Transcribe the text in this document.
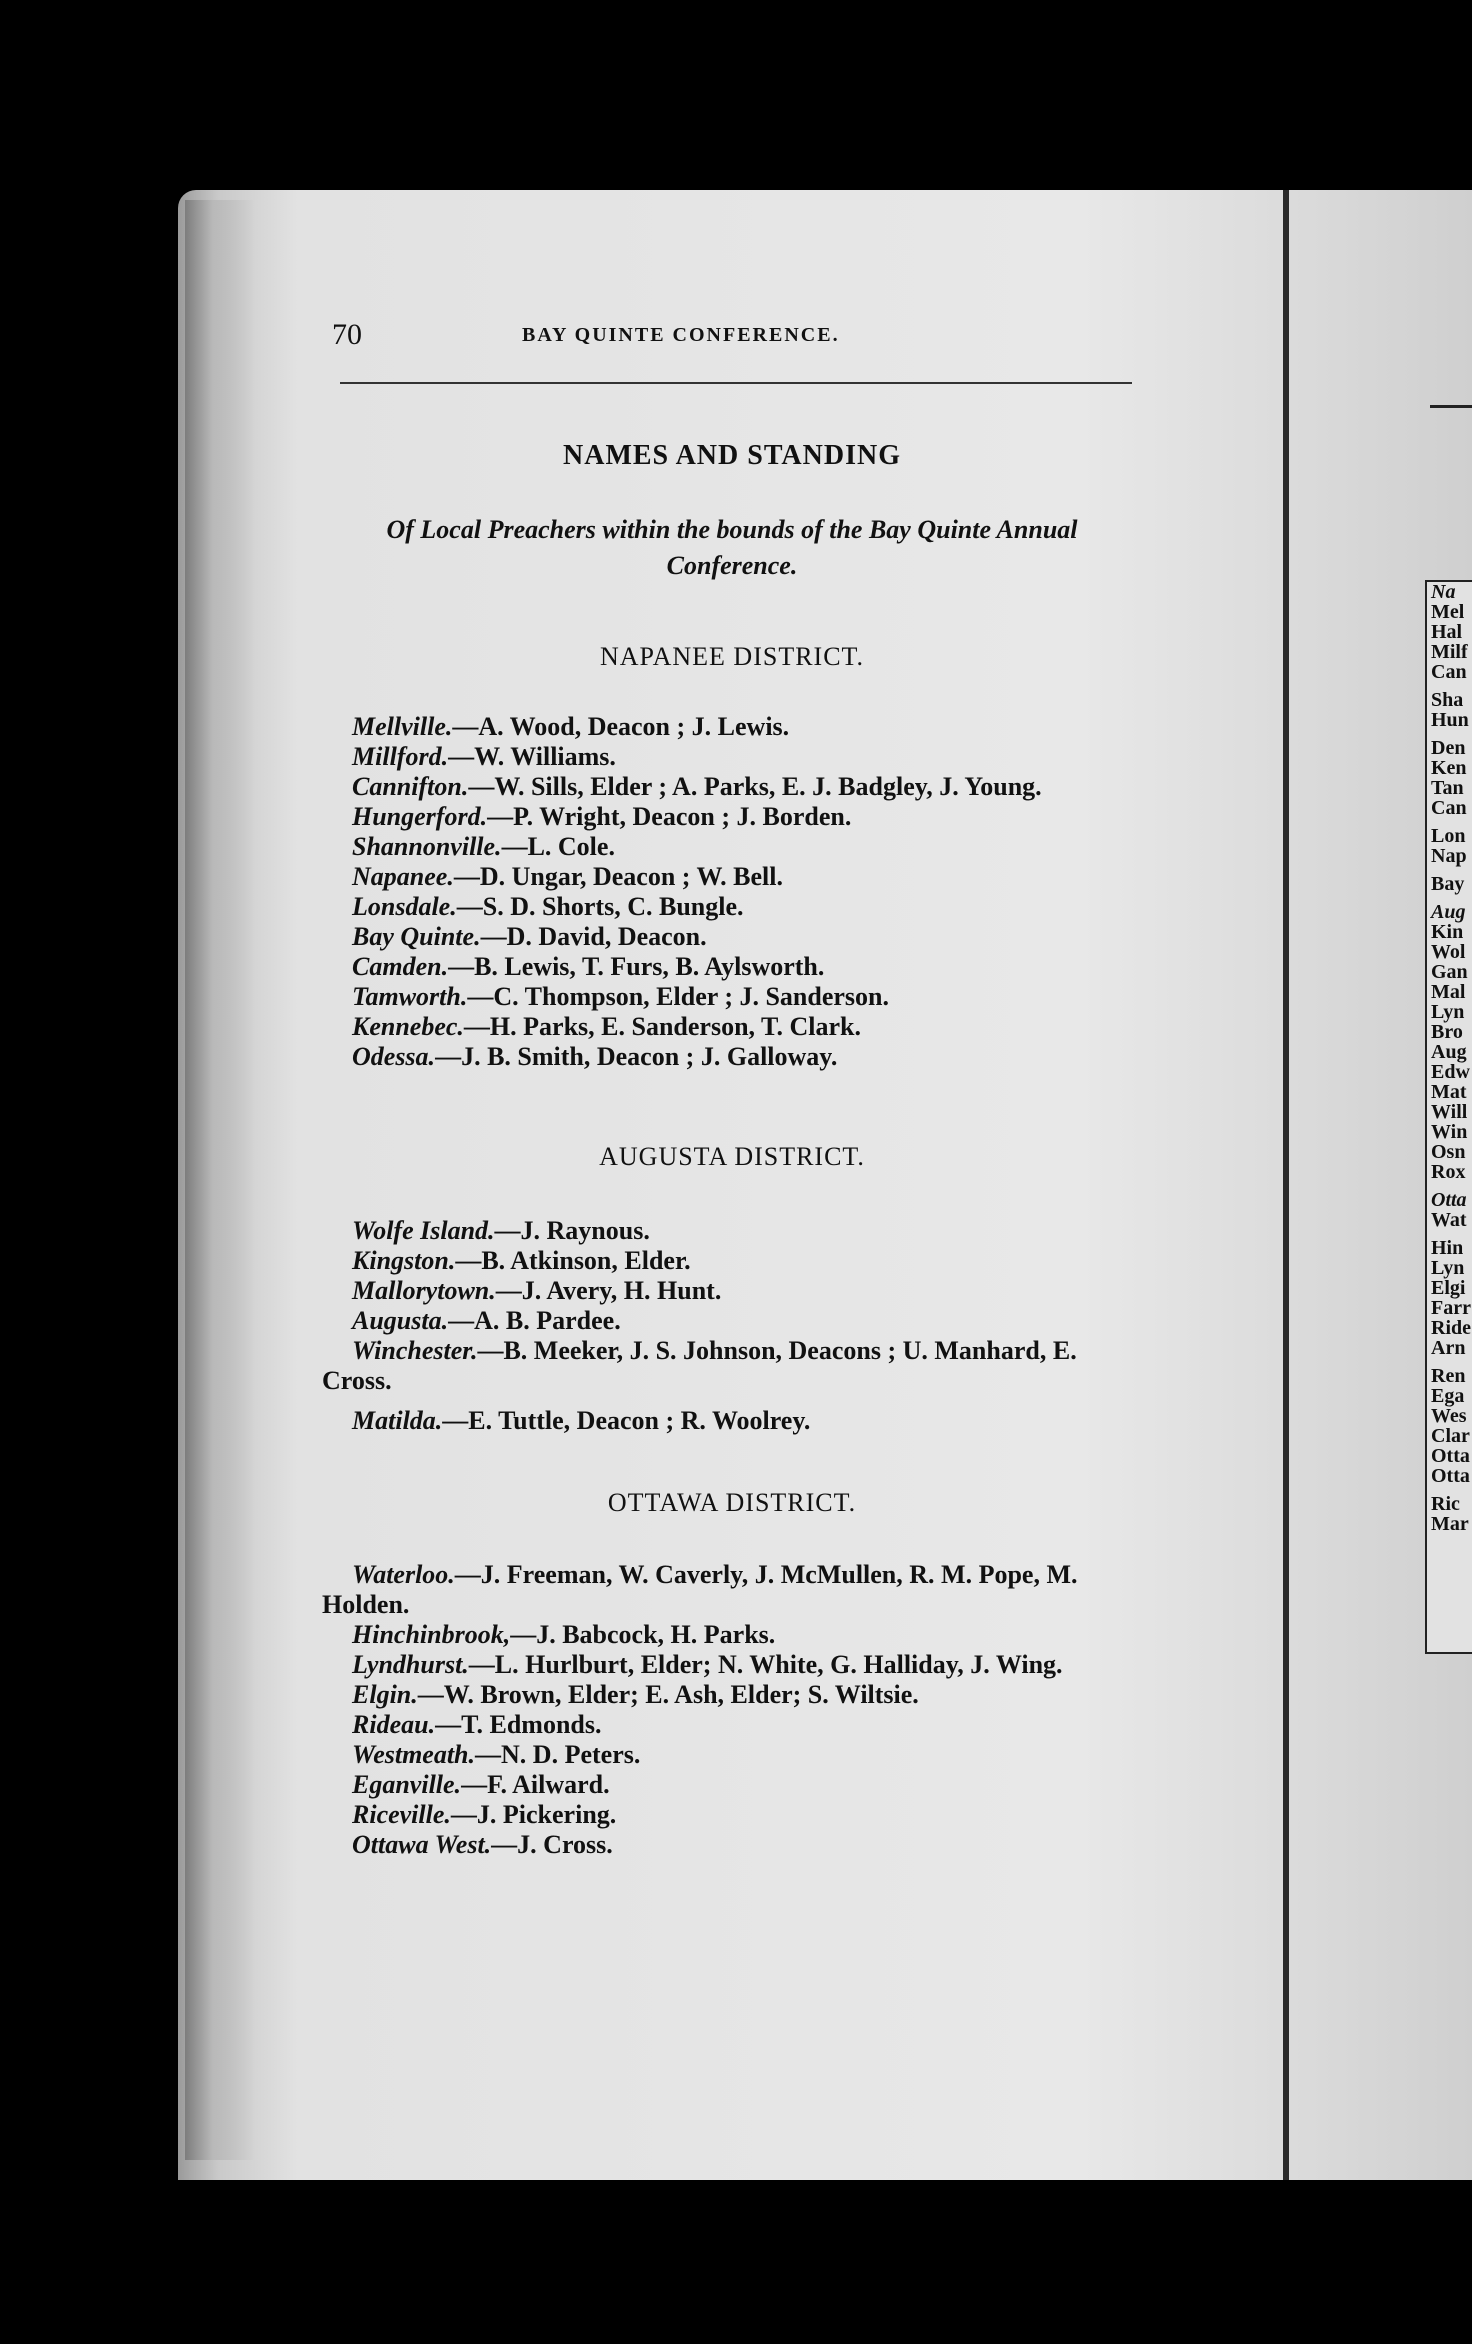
70	BAY QUINTE CONFERENCE.
NAMES AND STANDING
Of Local Preachers within the bounds of the Bay Quinte Annual Conference.
NAPANEE DISTRICT.

Mellville.—A. Wood, Deacon ; J. Lewis.

Millford.—W. Williams.

Cannifton.—W. Sills, Elder ; A. Parks, E. J. Badgley, J. Young.

Hungerford.—P. Wright, Deacon ; J. Borden.

Shannonville.—L. Cole.

Napanee.—D. Ungar, Deacon ; W. Bell.

Lonsdale.—S. D. Shorts, C. Bungle.

Bay Quinte.—D. David, Deacon.

Camden.—B. Lewis, T. Furs, B. Aylsworth.

Tamworth.—C. Thompson, Elder ; J. Sanderson.

Kennebec.—H. Parks, E. Sanderson, T. Clark.

Odessa.—J. B. Smith, Deacon ; J. Galloway.

AUGUSTA DISTRICT.

Wolfe Island.—J. Raynous.

Kingston.—B. Atkinson, Elder.

Mallorytown.—J. Avery, H. Hunt.

Augusta.—A. B. Pardee.

Winchester.—B. Meeker, J. S. Johnson, Deacons ; U. Manhard, E. Cross.

Matilda.—E. Tuttle, Deacon ; R. Woolrey.

OTTAWA DISTRICT.

Waterloo.—J. Freeman, W. Caverly, J. McMullen, R. M. Pope, M. Holden.

Hinchinbrook,—J. Babcock, H. Parks.

Lyndhurst.—L. Hurlburt, Elder; N. White, G. Halliday, J. Wing.

Elgin.—W. Brown, Elder; E. Ash, Elder; S. Wiltsie.

Rideau.—T. Edmonds.

Westmeath.—N. D. Peters.

Eganville.—F. Ailward.

Riceville.—J. Pickering.

Ottawa West.—J. Cross.

Na
Mel
Hal
Milf
Can
Sha
Hun
Den
Ken
Tan
Can
Lon
Nap
Bay
Aug
Kin
Wol
Gan
Mal
Lyn
Bro
Aug
Edw
Mat
Will
Win
Osn
Rox
Otta
Wat
Hin
Lyn
Elgi
Farr
Ride
Arn
Ren
Ega
Wes
Clar
Otta
Otta
Ric
Mar
